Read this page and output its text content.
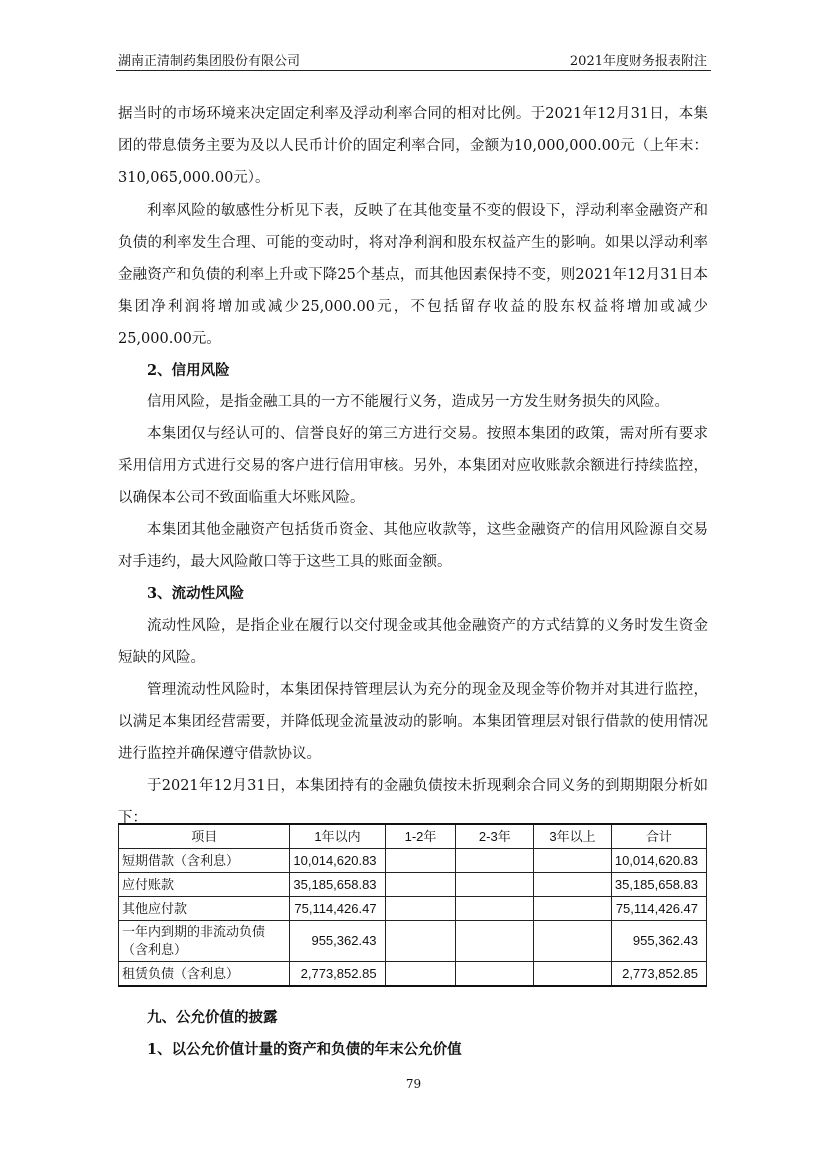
湖南正清制药集团股份有限公司	2021年度财务报表附注

据当时的市场环境来决定固定利率及浮动利率合同的相对比例。于2021年12月31日，本集团的带息债务主要为及以人民币计价的固定利率合同，金额为10,000,000.00元（上年末：310,065,000.00元）。

利率风险的敏感性分析见下表，反映了在其他变量不变的假设下，浮动利率金融资产和负债的利率发生合理、可能的变动时，将对净利润和股东权益产生的影响。如果以浮动利率金融资产和负债的利率上升或下降25个基点，而其他因素保持不变，则2021年12月31日本集团净利润将增加或减少25,000.00元，不包括留存收益的股东权益将增加或减少25,000.00元。

2、信用风险

信用风险，是指金融工具的一方不能履行义务，造成另一方发生财务损失的风险。

本集团仅与经认可的、信誉良好的第三方进行交易。按照本集团的政策，需对所有要求采用信用方式进行交易的客户进行信用审核。另外，本集团对应收账款余额进行持续监控，以确保本公司不致面临重大坏账风险。

本集团其他金融资产包括货币资金、其他应收款等，这些金融资产的信用风险源自交易对手违约，最大风险敞口等于这些工具的账面金额。

3、流动性风险

流动性风险，是指企业在履行以交付现金或其他金融资产的方式结算的义务时发生资金短缺的风险。

管理流动性风险时，本集团保持管理层认为充分的现金及现金等价物并对其进行监控，以满足本集团经营需要，并降低现金流量波动的影响。本集团管理层对银行借款的使用情况进行监控并确保遵守借款协议。

于2021年12月31日，本集团持有的金融负债按未折现剩余合同义务的到期期限分析如下：

项目	1年以内	1-2年	2-3年	3年以上	合计
短期借款（含利息）	10,014,620.83				10,014,620.83
应付账款	35,185,658.83				35,185,658.83
其他应付款	75,114,426.47				75,114,426.47
一年内到期的非流动负债（含利息）	955,362.43				955,362.43
租赁负债（含利息）	2,773,852.85				2,773,852.85

九、公允价值的披露

1、以公允价值计量的资产和负债的年末公允价值

79
